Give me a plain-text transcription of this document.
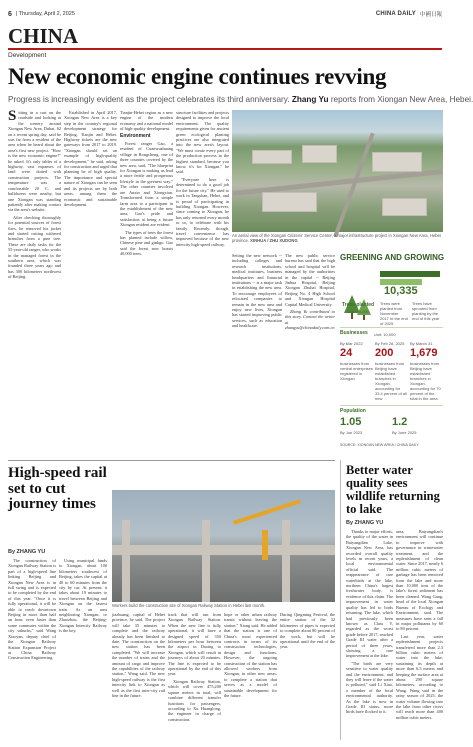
6 | Thursday, April 2, 2025	CHINA DAILY 中國日報
CHINA
Development
New economic engine continues revving
Progress is increasingly evident as the project celebrates its third anniversary. Zhang Yu reports from Xiongan New Area, Hebei.
S itting in a cart on the roadside and looking at the scenery around Xiongan New Area, Dubai, 62 on a recent spring day, said he was far from a resident of the area when he heard about the area's first new project. "How is the new economic engine?" he asked. It's only tables of a highway, vast expanses of land were dotted with construction projects. The temperature was a comfortable 20 C, and bulldozers were nearby, but one Xiongan was standing patiently after making contact via the area's website.

After checking thoroughly for potential sources of forest fires, he removed his jacket and started cutting withered branches from a pine tree. These are daily tasks for the 55-year-old ranger, who works in the managed forest in the southern area, which was founded three years ago and has 300 kilometers northwest of Beijing.

Established in April 2017, Xiongan New Area is a key step in the country's regional development strategy for Beijing, Tianjin and Hebei. Highway tickets are the new gateways from 2017 to 2019. "Xiongan should set an example of high-quality development," he said, asking for construction and urged that planning be of high quality. The importance and special nature of Xiongan can be seen and its projects are by both areas, among them the economic and sustainable development.

Tianjin-Hebei region as a new engine of the modern economy and a national model of high-quality development.

Environment

Forest ranger Gao, a resident of Cuanwuzhuang village in Rongcheng, one of three counties covered by the new area, said, "The blueprint for Xiongan is making us lead a more fertile and prosperous lifestyle in the greenest way." The other counties involved are Anxin and Xiongxian. Transformed from a simple farm area to a participant in the establishment of the new area, Gao's pride and satisfaction at being a future Xiongan resident are evident.

The types of trees the forest has planted include willow, Chinese pine and ginkgo. Gao said the forest now boasts 40,000 trees.

structure facilities and projects designed to improve the local environment. The quality requirements given for ancient green ecological planting practices are also integrated into the new area's layout. "We must create every part of the production process in the highest standard, because you know, it's for Xiongan," he said.

"Everyone here is determined to do a good job for the future city." He used to work in Tangshan, Hebei, and is proud of participating in building Xiongan. However, since coming to Xiongan, he has only returned every month or so, to celebrate with his family. Recently, though, travel convenience has improved because of the new intercity high-speed railway.

An aerial view of the Xiongan Citizens' Service Center, a major infrastructure project in Xiongan New Area, Hebei province. XINHUA / ZHU XUDONG

Setting the new network -- including colleges and research institutions, medical institutes, business headquarters and financial institutions -- is a major task in establishing the new area. To encourage employees of relocated companies to remain in the new area and enjoy new lives, Xiongan has started improving public services, such as education and healthcare.

The new public service bureau has said that the high school and hospital will be managed by the authorities in the capital -- Beijing Jinhua Hospital, Beijing Xiongan Zhuhai Hospital, Beijing No. 4 High School and Xiongan Hospital Capital Medical University.

Zhang Yu contributed to this story. Contact the writer at zhangyu@chinadaily.com.cn

GREENING AND GROWING
Trees planted
Unit: 10,000
10,335
Trees were planted from November 2017 to the end of 2025
Trees have sprouted from planting by the end of this year
Businesses Unit: 10,000
By Mar 2022
24
businesses from central enterprises registered in Xiongan
By Feb 28, 2025
200
businesses from Beijing have established branches in Xiongan, accounting for 33.4 percent of all new
By March 31
1,679
businesses from Beijing have established branches in Xiongan, accounting for 70 percent of the total in the area
Population
1.05
By Jun 2023
1.2
By June 2025
SOURCE: XIONGAN NEW AREA / CHINA DAILY
High-speed rail set to cut journey times
By ZHANG YU

The construction of Xiongan Railway Station is part of a high-speed line linking Beijing and Xiongan New Area is in full swing and is expected to be completed by the end of this year. "Once it is fully operational, it will be able to reach downtown Beijing in more than half an hour, even faster than some commutes within the city suburbs," said Wang Xiaoyan, deputy chief of the Xiongan Railway Station Expansion Project at China Railway Construction Engineering.

Using municipal funds to Xiongan, about 100 kilometers southwest of Beijing, takes the capital at 40 to 60 minutes from the city by car. At present, it takes about 19 minutes to travel between Beijing and Xiongan on the fastest train. As an area neighboring Xiongan, or Zhuozhou, the Beijing-Xiongan Intercity Railway is the key.

Workers build the construction site of Xiongan Railway Station in Hebei last month.

jiazhuang, capital of Hebei province, he said. The project will take 35 minutes to complete and the railway already has been finished to date. The construction on the new station has been completed. "We will increase the number of trains and the amount of cargo and improve the capabilities of the railway station," Wang said. The new high-speed railway is the first intercity link to Xiongan as well as the first inter-city rail line in the future.

track that will run from Xiongan Railway Station. When the new line is fully operational, it will have a designed speed of 350 kilometers per hour between the airport in Daxing to Xiongan, which will result in journeys of about 20 minutes. The line is expected to be operational by the end of this year.

Xiongan Railway Station, which will cover 475,200 square meters in total, will combine different transfer functions for passengers, according to Xu Huanglong, the engineer in charge of construction.

hope or other urban railway transit without leaving the station," Xiong said. He added that the station is one of China's most experienced contracts in terms of its construction technologies, design and functions. However, the ongoing construction of the station has allowed workers from Xiongan, in other new areas, to complete a station that serves as a model of sustainable development for the future.

During Qingming Festival, the entire station of the 32 kilometers of pipes is expected to complete about 80 percent of the work, but will be operational until the end of the year.

Better water quality sees wildlife returning to lake
By ZHANG YU

Thanks to major efforts, the quality of the water in Baiyangdian Lake, Xiongan New Area, has recorded overall quality levels in recent years, a local environmental official said. The reappearance of rare waterbirds at the lake, northern China's largest freshwater body, is evidence of this claim. The improvement in water quality has led to birds returning. The lake, which had previously been known as Class V, regarded as the worst grade before 2017, reached Grade III water after a period of three years, showing a rare improvement at the lake.

"The birds are very sensitive to water quality and the environment, and they will leave if the water is polluted," said Li Xiao, a member of the local environmental authority. As the lake is now in Grade III status, more birds have flocked to it.

area, Baiyangdian's environment will continue to improve with governance in wastewater treatment, and the replenishment of clean water. Since 2017, nearly 6 million cubic meters of garbage has been removed from the lake and more than 10,000 tons of the lake's forest sediment has been cleaned. Wang Gang, head of the local Xiongan Bureau of Ecology and Environment, said. The measures have seen a fall in major pollutants by 60 to 80 percent.

Last year, water replenishment projects transferred more than 2.3 billion cubic meters of water into the lake, sustaining its depth at more than 6.5 meters and keeping the surface area at about 290 square kilometers, according to Wang. Wang said in the rainy season of 2025, the water volume flowing into the lake from other rivers will reach more than 400 million cubic meters.
